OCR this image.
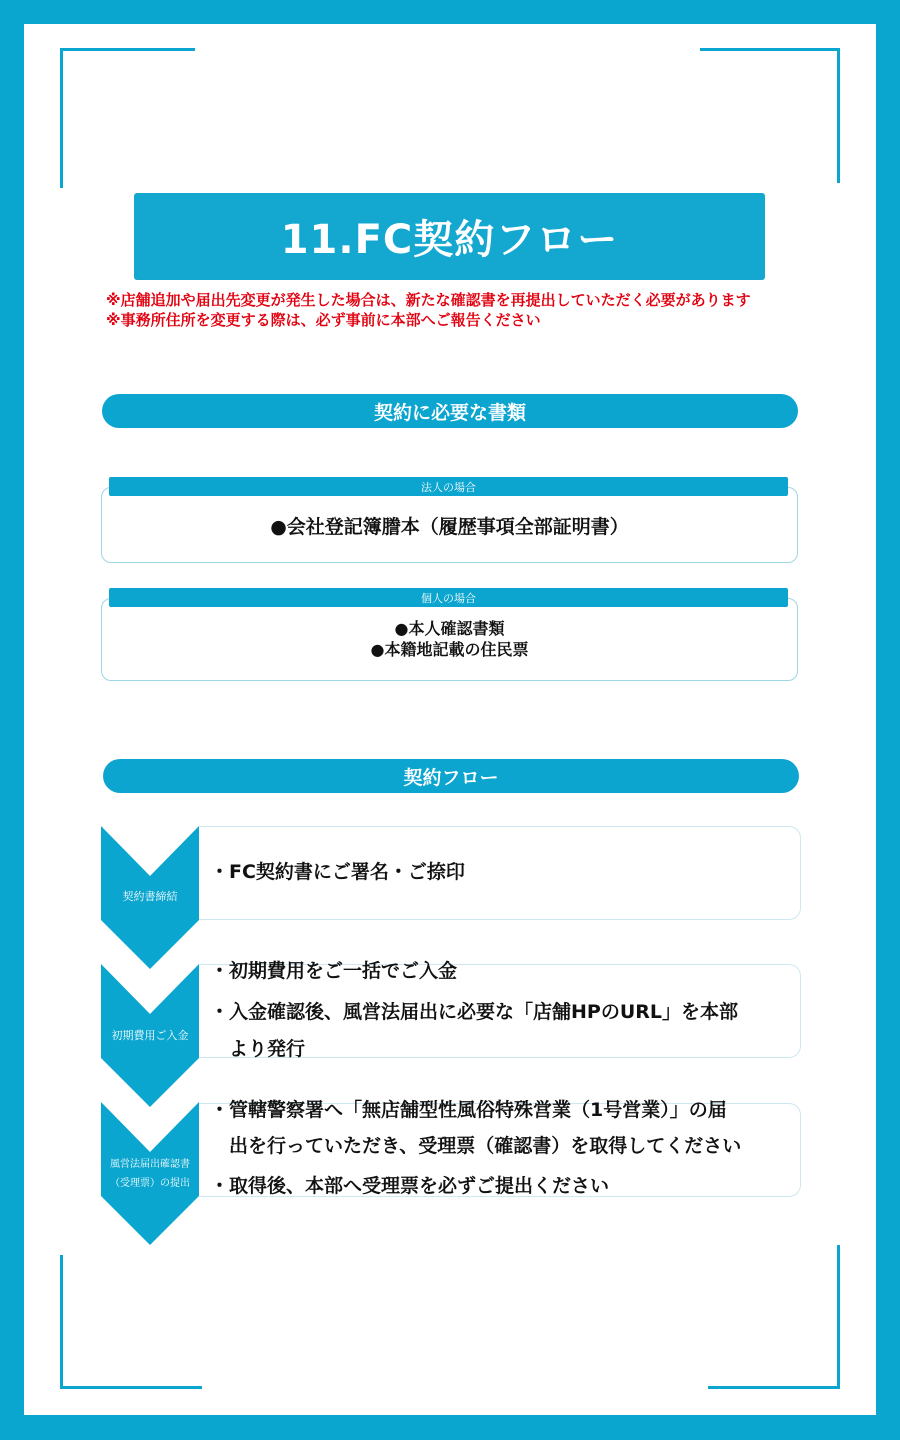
11.FC契約フロー
※店舗追加や届出先変更が発生した場合は、新たな確認書を再提出していただく必要があります
※事務所住所を変更する際は、必ず事前に本部へご報告ください
契約に必要な書類
●会社登記簿謄本（履歴事項全部証明書）
法人の場合
●本人確認書類
●本籍地記載の住民票
個人の場合
契約フロー
契約書締結
・FC契約書にご署名・ご捺印
初期費用ご入金
・初期費用をご一括でご入金
・入金確認後、風営法届出に必要な「店舗HPのURL」を本部
　より発行
風営法届出確認書
（受理票）の提出
・管轄警察署へ「無店舗型性風俗特殊営業（1号営業）」の届
　出を行っていただき、受理票（確認書）を取得してください
・取得後、本部へ受理票を必ずご提出ください
